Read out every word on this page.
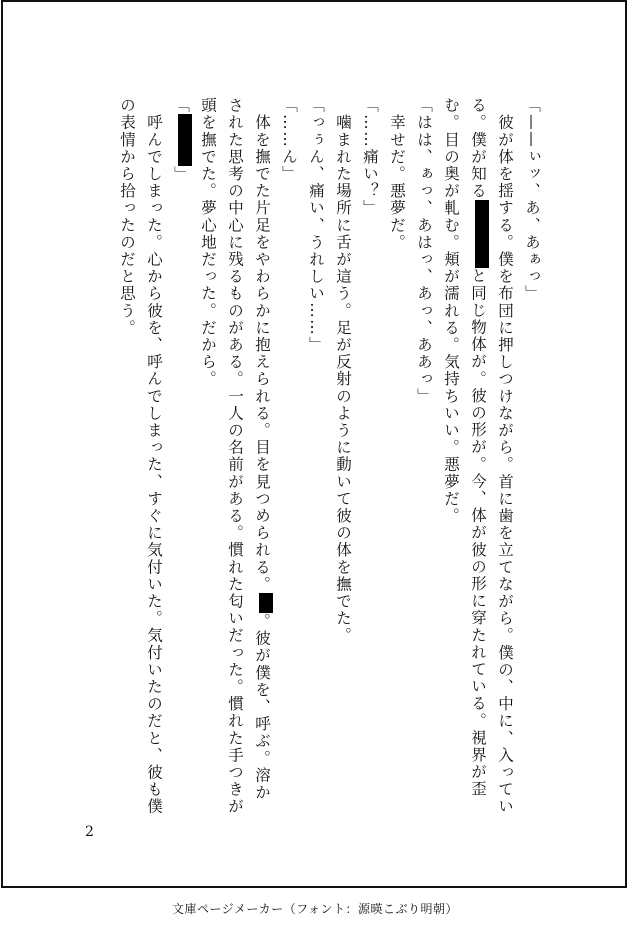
「——ぃッ、あ、あぁっ」

　彼が体を揺する。僕を布団に押しつけながら。首に歯を立てながら。僕の、中に、入っている。僕が知ると同じ物体が。彼の形が。今、体が彼の形に穿たれている。視界が歪む。目の奥が軋む。頬が濡れる。気持ちいい。悪夢だ。

「はは、ぁっ、あはっ、あっ、ああっ」

　幸せだ。悪夢だ。

「……痛い？」

　噛まれた場所に舌が這う。足が反射のように動いて彼の体を撫でた。

「っぅん、痛い、うれしい……」

「……ん」

　体を撫でた片足をやわらかに抱えられる。目を見つめられる。。彼が僕を、呼ぶ。溶かされた思考の中心に残るものがある。一人の名前がある。慣れた匂いだった。慣れた手つきが頭を撫でた。夢心地だった。だから。

「」

　呼んでしまった。心から彼を、呼んでしまった、すぐに気付いた。気付いたのだと、彼も僕の表情から拾ったのだと思う。

2
文庫ページメーカー（フォント：源暎こぶり明朝）
